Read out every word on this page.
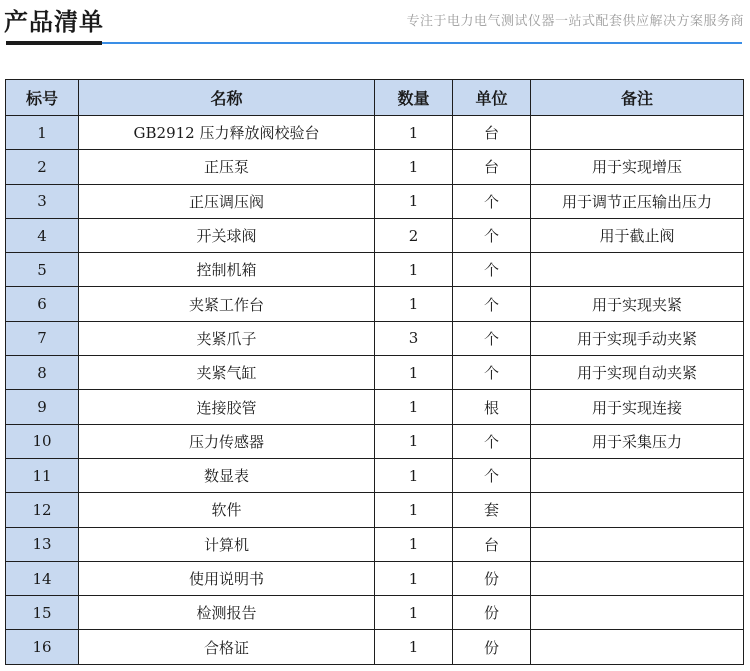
产品清单	专注于电力电气测试仪器一站式配套供应解决方案服务商
标号	名称	数量	单位	备注
1	GB2912 压力释放阀校验台	1	台	
2	正压泵	1	台	用于实现增压
3	正压调压阀	1	个	用于调节正压输出压力
4	开关球阀	2	个	用于截止阀
5	控制机箱	1	个	
6	夹紧工作台	1	个	用于实现夹紧
7	夹紧爪子	3	个	用于实现手动夹紧
8	夹紧气缸	1	个	用于实现自动夹紧
9	连接胶管	1	根	用于实现连接
10	压力传感器	1	个	用于采集压力
11	数显表	1	个	
12	软件	1	套	
13	计算机	1	台	
14	使用说明书	1	份	
15	检测报告	1	份	
16	合格证	1	份	
